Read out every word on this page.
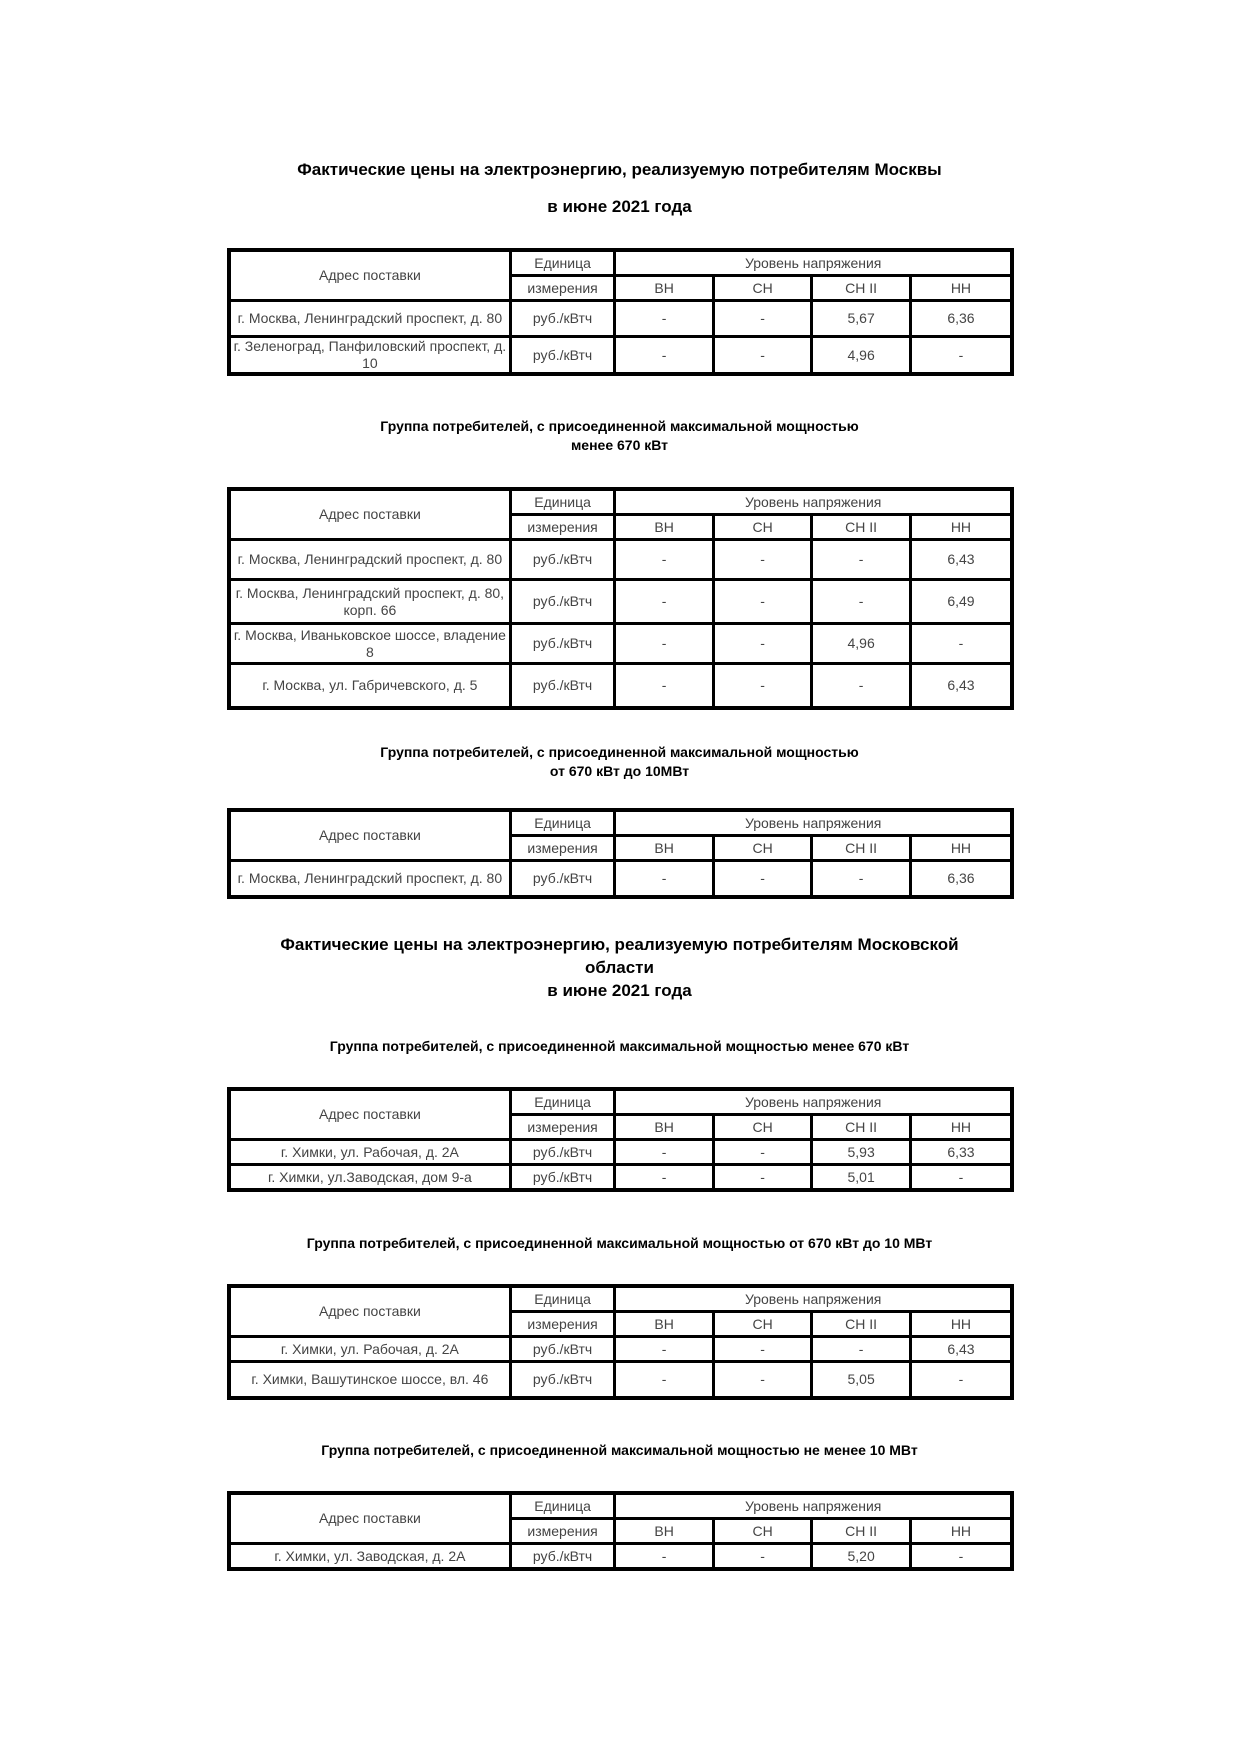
Фактические цены на электроэнергию, реализуемую потребителям Москвы
в июне 2021 года
Адрес поставки	Единица	Уровень напряжения			
	измерения	ВН	СН	СН II	НН
г. Москва, Ленинградский проспект, д. 80	руб./кВтч	-	-	5,67	6,36
г. Зеленоград, Панфиловский проспект, д. 10	руб./кВтч	-	-	4,96	-
Группа потребителей, с присоединенной максимальной мощностью
менее 670 кВт
Адрес поставки	Единица	Уровень напряжения			
	измерения	ВН	СН	СН II	НН
г. Москва, Ленинградский проспект, д. 80	руб./кВтч	-	-	-	6,43
г. Москва, Ленинградский проспект, д. 80, корп. 66	руб./кВтч	-	-	-	6,49
г. Москва, Иваньковское шоссе, владение 8	руб./кВтч	-	-	4,96	-
г. Москва, ул. Габричевского, д. 5	руб./кВтч	-	-	-	6,43
Группа потребителей, с присоединенной максимальной мощностью
от 670 кВт до 10МВт
Адрес поставки	Единица	Уровень напряжения			
	измерения	ВН	СН	СН II	НН
г. Москва, Ленинградский проспект, д. 80	руб./кВтч	-	-	-	6,36
Фактические цены на электроэнергию, реализуемую потребителям Московской
области
в июне 2021 года
Группа потребителей, с присоединенной максимальной мощностью менее 670 кВт
Адрес поставки	Единица	Уровень напряжения			
	измерения	ВН	СН	СН II	НН
г. Химки, ул. Рабочая, д. 2А	руб./кВтч	-	-	5,93	6,33
г. Химки, ул.Заводская, дом 9-а	руб./кВтч	-	-	5,01	-
Группа потребителей, с присоединенной максимальной мощностью от 670 кВт до 10 МВт
Адрес поставки	Единица	Уровень напряжения			
	измерения	ВН	СН	СН II	НН
г. Химки, ул. Рабочая, д. 2А	руб./кВтч	-	-	-	6,43
г. Химки, Вашутинское шоссе, вл. 46	руб./кВтч	-	-	5,05	-
Группа потребителей, с присоединенной максимальной мощностью не менее 10 МВт
Адрес поставки	Единица	Уровень напряжения			
	измерения	ВН	СН	СН II	НН
г. Химки, ул. Заводская, д. 2А	руб./кВтч	-	-	5,20	-
